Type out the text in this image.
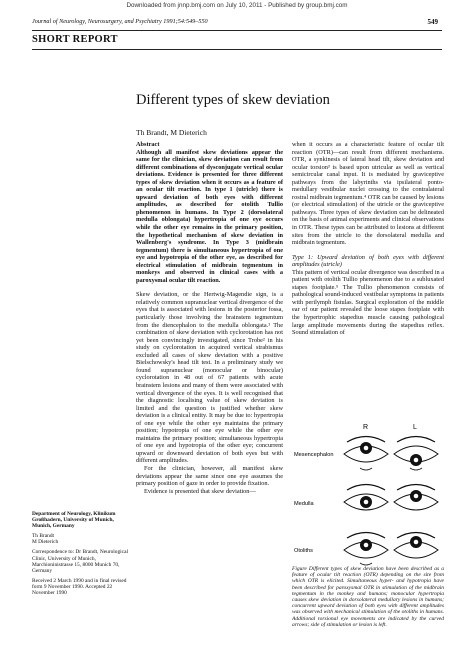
Downloaded from jnnp.bmj.com on July 10, 2011 - Published by group.bmj.com
Journal of Neurology, Neurosurgery, and Psychiatry 1991;54:549–550	549
SHORT REPORT
Different types of skew deviation
Th Brandt, M Dieterich

Abstract

Although all manifest skew deviations appear the same for the clinician, skew deviation can result from different combinations of dysconjugate vertical ocular deviations. Evidence is presented for three different types of skew deviation when it occurs as a feature of an ocular tilt reaction. In type 1 (utricle) there is upward deviation of both eyes with different amplitudes, as described for otolith Tullio phenomenon in humans. In Type 2 (dorsolateral medulla oblongata) hypertropia of one eye occurs while the other eye remains in the primary position, the hypothetical mechanism of skew deviation in Wallenberg's syndrome. In Type 3 (midbrain tegmentum) there is simultaneous hypertropia of one eye and hypotropia of the other eye, as described for electrical stimulation of midbrain tegmentum in monkeys and observed in clinical cases with a paroxysmal ocular tilt reaction.

Skew deviation, or the Hertwig-Magendie sign, is a relatively common supranuclear vertical divergence of the eyes that is associated with lesions in the posterior fossa, particularly those involving the brainstem tegmentum from the diencephalon to the medulla oblongata.¹ The combination of skew deviation with cyclorotation has not yet been convincingly investigated, since Trobe² in his study on cyclorotation in acquired vertical strabismus excluded all cases of skew deviation with a positive Bielschowsky's head tilt test. In a preliminary study we found supranuclear (monocular or binocular) cyclorotation in 48 out of 67 patients with acute brainstem lesions and many of them were associated with vertical divergence of the eyes. It is well recognised that the diagnostic localising value of skew deviation is limited and the question is justified whether skew deviation is a clinical entity. It may be due to: hypertropia of one eye while the other eye maintains the primary position; hypotropia of one eye while the other eye maintains the primary position; simultaneous hypertropia of one eye and hypotropia of the other eye; concurrent upward or downward deviation of both eyes but with different amplitudes.

For the clinician, however, all manifest skew deviations appear the same since one eye assumes the primary position of gaze in order to provide fixation.

Evidence is presented that skew deviation—

when it occurs as a characteristic feature of ocular tilt reaction (OTR)—can result from different mechanisms. OTR, a synkinesis of lateral head tilt, skew deviation and ocular torsion³ is based upon utricular as well as vertical semicircular canal input. It is mediated by graviceptive pathways from the labyrinths via ipsilateral ponto-medullary vestibular nuclei crossing to the contralateral rostral midbrain tegmentum.⁴ OTR can be caused by lesions (or electrical stimulation) of the utricle or the graviceptive pathways. Three types of skew deviation can be delineated on the basis of animal experiments and clinical observations in OTR. These types can be attributed to lesions at different sites from the utricle to the dorsolateral medulla and midbrain tegmentum.

Type 1: Upward deviation of both eyes with different amplitudes (utricle)

This pattern of vertical ocular divergence was described in a patient with otolith Tullio phenomenon due to a subluxated stapes footplate.⁵ The Tullio phenomenon consists of pathological sound-induced vestibular symptoms in patients with perilymph fistulas. Surgical exploration of the middle ear of our patient revealed the loose stapes footplate with the hypertrophic stapedius muscle causing pathological large amplitude movements during the stapedius reflex. Sound stimulation of

R	L
Mesencephalon
Medulla
Otoliths
Figure Different types of skew deviation have been described as a feature of ocular tilt reaction (OTR) depending on the site from which OTR is elicited. Simultaneous hyper- and hypotropia have been described for paroxysmal OTR in stimulation of the midbrain tegmentum in the monkey and humans; monocular hypertropia causes skew deviation in dorsolateral medullary lesions in humans; concurrent upward deviation of both eyes with different amplitudes was observed with mechanical stimulation of the otoliths in humans. Additional torsional eye movements are indicated by the curved arrows; side of stimulation or lesion is left.

Department of Neurology, Klinikum Großhadern, University of Munich, Munich, Germany

Th Brandt
M Dieterich

Correspondence to: Dr Brandt, Neurological Clinic, University of Munich, Marchioninistrasse 15, 8000 Munich 70, Germany

Received 2 March 1990 and in final revised form 9 November 1990. Accepted 22 November 1990
